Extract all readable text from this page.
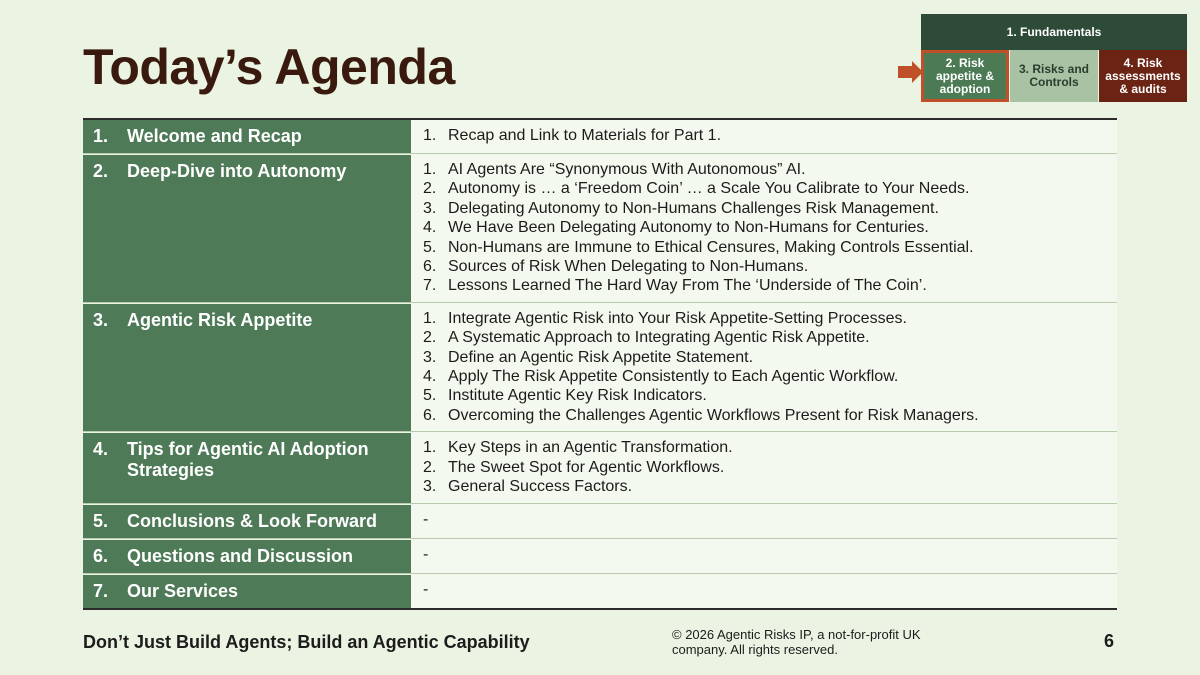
Today’s Agenda
1. Fundamentals
2. Risk
appetite &
adoption
3. Risks and
Controls
4. Risk
assessments
& audits
1.	Welcome and Recap	1. Recap and Link to Materials for Part 1.
2.	Deep-Dive into Autonomy	1. AI Agents Are “Synonymous With Autonomous” AI.
2. Autonomy is … a ‘Freedom Coin’ … a Scale You Calibrate to Your Needs.
3. Delegating Autonomy to Non-Humans Challenges Risk Management.
4. We Have Been Delegating Autonomy to Non-Humans for Centuries.
5. Non-Humans are Immune to Ethical Censures, Making Controls Essential.
6. Sources of Risk When Delegating to Non-Humans.
7. Lessons Learned The Hard Way From The ‘Underside of The Coin’.
3.	Agentic Risk Appetite	1. Integrate Agentic Risk into Your Risk Appetite-Setting Processes.
2. A Systematic Approach to Integrating Agentic Risk Appetite.
3. Define an Agentic Risk Appetite Statement.
4. Apply The Risk Appetite Consistently to Each Agentic Workflow.
5. Institute Agentic Key Risk Indicators.
6. Overcoming the Challenges Agentic Workflows Present for Risk Managers.
4.	Tips for Agentic AI Adoption Strategies
1. Key Steps in an Agentic Transformation.
2. The Sweet Spot for Agentic Workflows.
3. General Success Factors.
5.	Conclusions & Look Forward	-
6.	Questions and Discussion	-
7.	Our Services	-
Don’t Just Build Agents; Build an Agentic Capability	© 2026 Agentic Risks IP, a not-for-profit UK company. All rights reserved.	6
